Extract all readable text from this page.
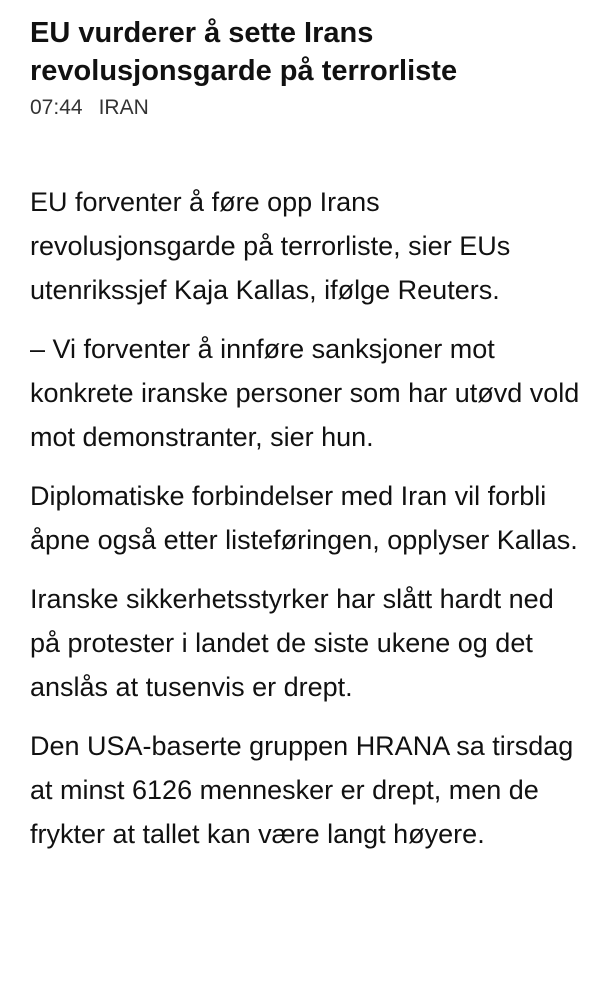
EU vurderer å sette Irans revolusjonsgarde på terrorliste
07:44 IRAN

EU forventer å føre opp Irans revolusjonsgarde på terrorliste, sier EUs utenrikssjef Kaja Kallas, ifølge Reuters.

– Vi forventer å innføre sanksjoner mot konkrete iranske personer som har utøvd vold mot demonstranter, sier hun.

Diplomatiske forbindelser med Iran vil forbli åpne også etter listeføringen, opplyser Kallas.

Iranske sikkerhetsstyrker har slått hardt ned på protester i landet de siste ukene og det anslås at tusenvis er drept.

Den USA-baserte gruppen HRANA sa tirsdag at minst 6126 mennesker er drept, men de frykter at tallet kan være langt høyere.
